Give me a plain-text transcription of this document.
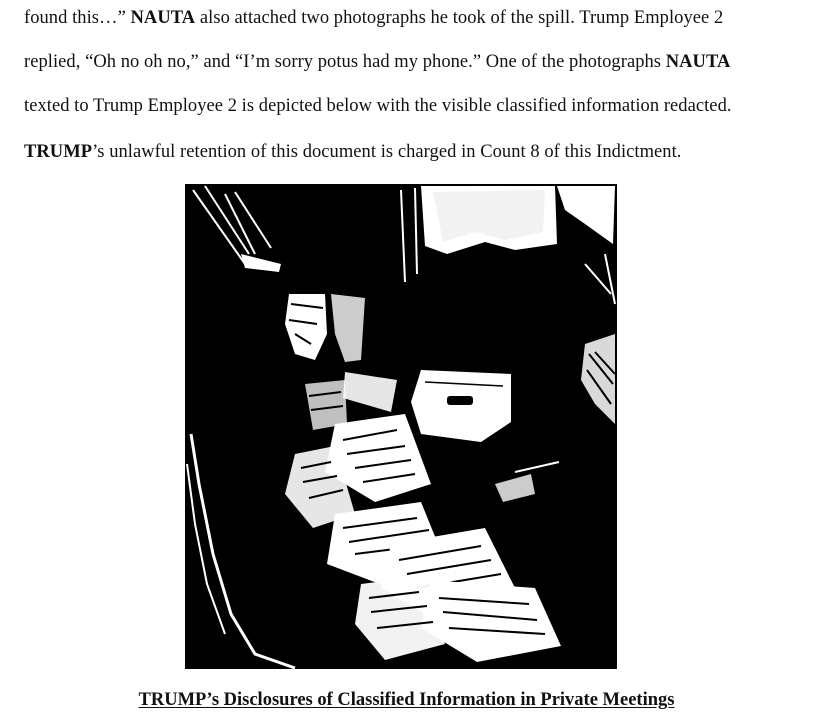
found this…” NAUTA also attached two photographs he took of the spill. Trump Employee 2
replied, “Oh no oh no,” and “I’m sorry potus had my phone.” One of the photographs NAUTA
texted to Trump Employee 2 is depicted below with the visible classified information redacted.
TRUMP’s unlawful retention of this document is charged in Count 8 of this Indictment.
TRUMP’s Disclosures of Classified Information in Private Meetings
